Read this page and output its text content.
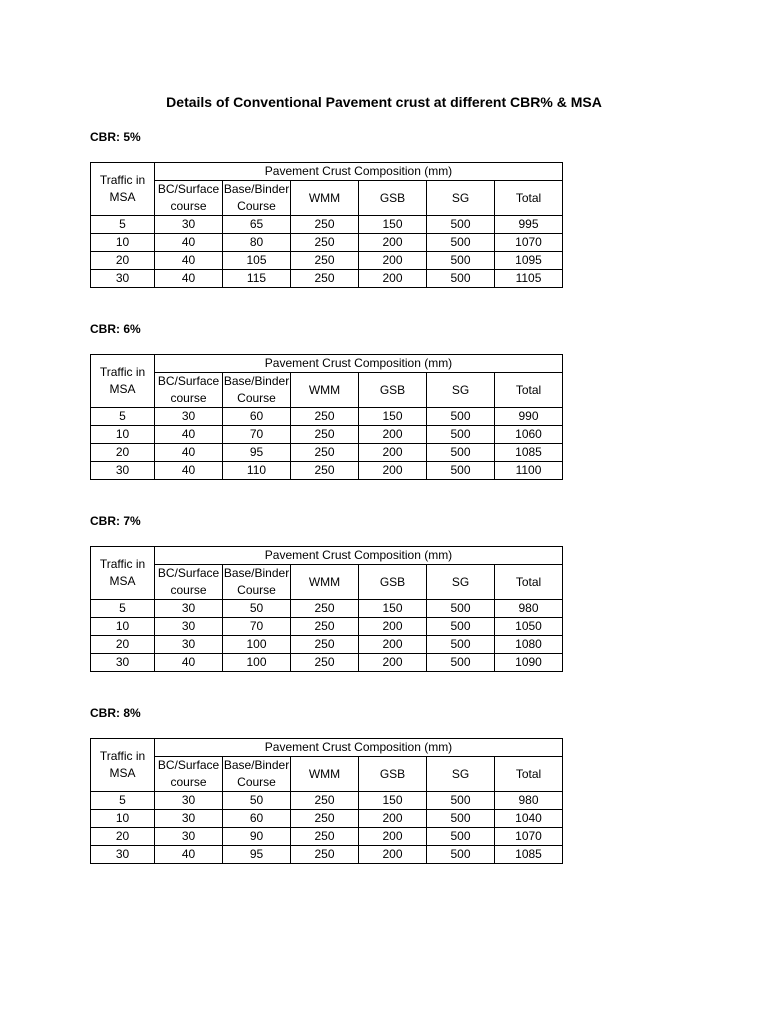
Details of Conventional Pavement crust at different CBR% & MSA
CBR: 5%
Traffic in MSA	Pavement Crust Composition (mm)					
	BC/Surface course	Base/Binder Course	WMM	GSB	SG	Total
5	30	65	250	150	500	995
10	40	80	250	200	500	1070
20	40	105	250	200	500	1095
30	40	115	250	200	500	1105
CBR: 6%
Traffic in MSA	Pavement Crust Composition (mm)					
	BC/Surface course	Base/Binder Course	WMM	GSB	SG	Total
5	30	60	250	150	500	990
10	40	70	250	200	500	1060
20	40	95	250	200	500	1085
30	40	110	250	200	500	1100
CBR: 7%
Traffic in MSA	Pavement Crust Composition (mm)					
	BC/Surface course	Base/Binder Course	WMM	GSB	SG	Total
5	30	50	250	150	500	980
10	30	70	250	200	500	1050
20	30	100	250	200	500	1080
30	40	100	250	200	500	1090
CBR: 8%
Traffic in MSA	Pavement Crust Composition (mm)					
	BC/Surface course	Base/Binder Course	WMM	GSB	SG	Total
5	30	50	250	150	500	980
10	30	60	250	200	500	1040
20	30	90	250	200	500	1070
30	40	95	250	200	500	1085
